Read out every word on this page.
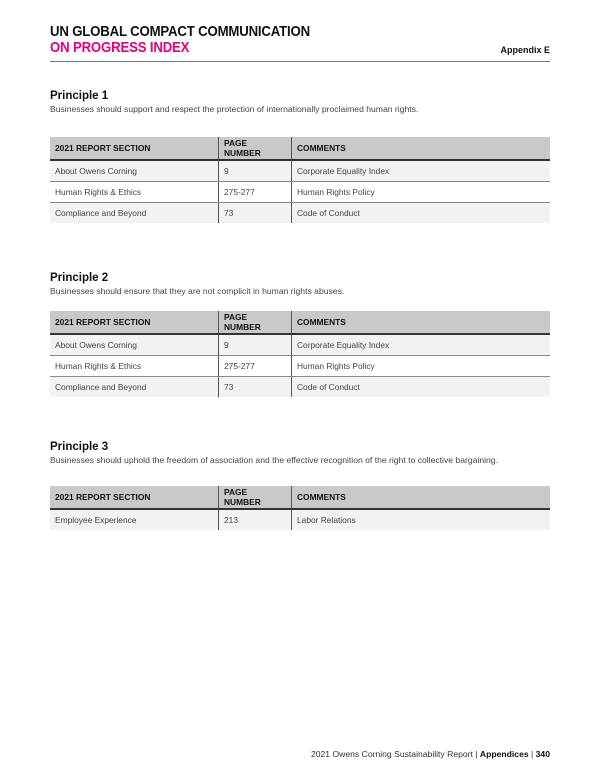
UN GLOBAL COMPACT COMMUNICATION
ON PROGRESS INDEX	Appendix E
Principle 1
Businesses should support and respect the protection of internationally proclaimed human rights.
2021 REPORT SECTION	PAGE NUMBER	COMMENTS
About Owens Corning	9	Corporate Equality Index
Human Rights & Ethics	275-277	Human Rights Policy
Compliance and Beyond	73	Code of Conduct
Principle 2
Businesses should ensure that they are not complicit in human rights abuses.
2021 REPORT SECTION	PAGE NUMBER	COMMENTS
About Owens Corning	9	Corporate Equality Index
Human Rights & Ethics	275-277	Human Rights Policy
Compliance and Beyond	73	Code of Conduct
Principle 3
Businesses should uphold the freedom of association and the effective recognition of the right to collective bargaining.
2021 REPORT SECTION	PAGE NUMBER	COMMENTS
Employee Experience	213	Labor Relations
2021 Owens Corning Sustainability Report | Appendices | 340
